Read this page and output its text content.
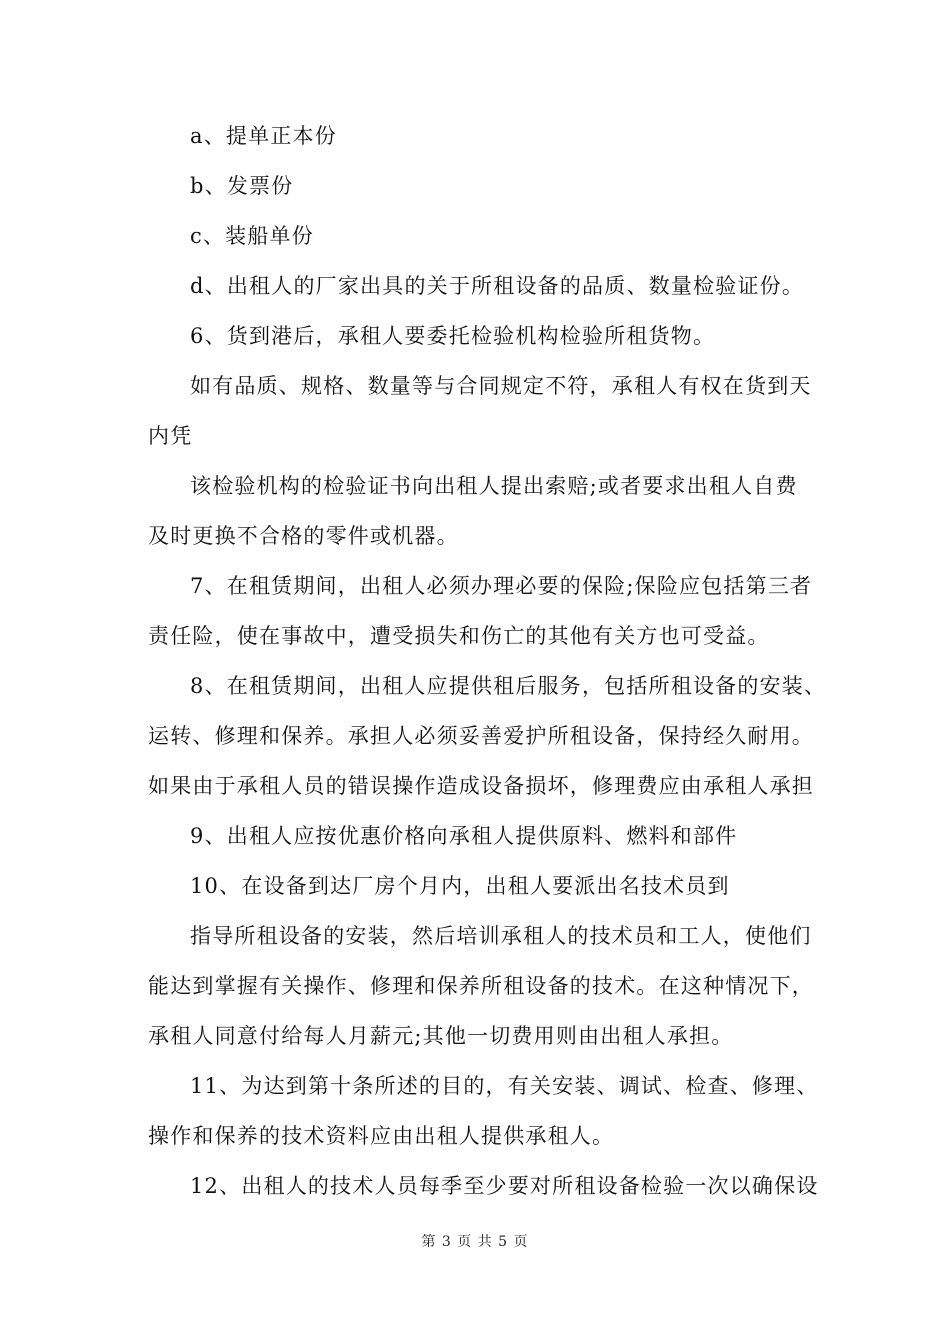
a、提单正本份
b、发票份
c、装船单份
d、出租人的厂家出具的关于所租设备的品质、数量检验证份。
6、货到港后，承租人要委托检验机构检验所租货物。
如有品质、规格、数量等与合同规定不符，承租人有权在货到天
内凭
该检验机构的检验证书向出租人提出索赔;或者要求出租人自费
及时更换不合格的零件或机器。
7、在租赁期间，出租人必须办理必要的保险;保险应包括第三者
责任险，使在事故中，遭受损失和伤亡的其他有关方也可受益。
8、在租赁期间，出租人应提供租后服务，包括所租设备的安装、
运转、修理和保养。承担人必须妥善爱护所租设备，保持经久耐用。
如果由于承租人员的错误操作造成设备损坏，修理费应由承租人承担
9、出租人应按优惠价格向承租人提供原料、燃料和部件
10、在设备到达厂房个月内，出租人要派出名技术员到
指导所租设备的安装，然后培训承租人的技术员和工人，使他们
能达到掌握有关操作、修理和保养所租设备的技术。在这种情况下，
承租人同意付给每人月薪元;其他一切费用则由出租人承担。
11、为达到第十条所述的目的，有关安装、调试、检查、修理、
操作和保养的技术资料应由出租人提供承租人。
12、出租人的技术人员每季至少要对所租设备检验一次以确保设
第 3 页 共 5 页
